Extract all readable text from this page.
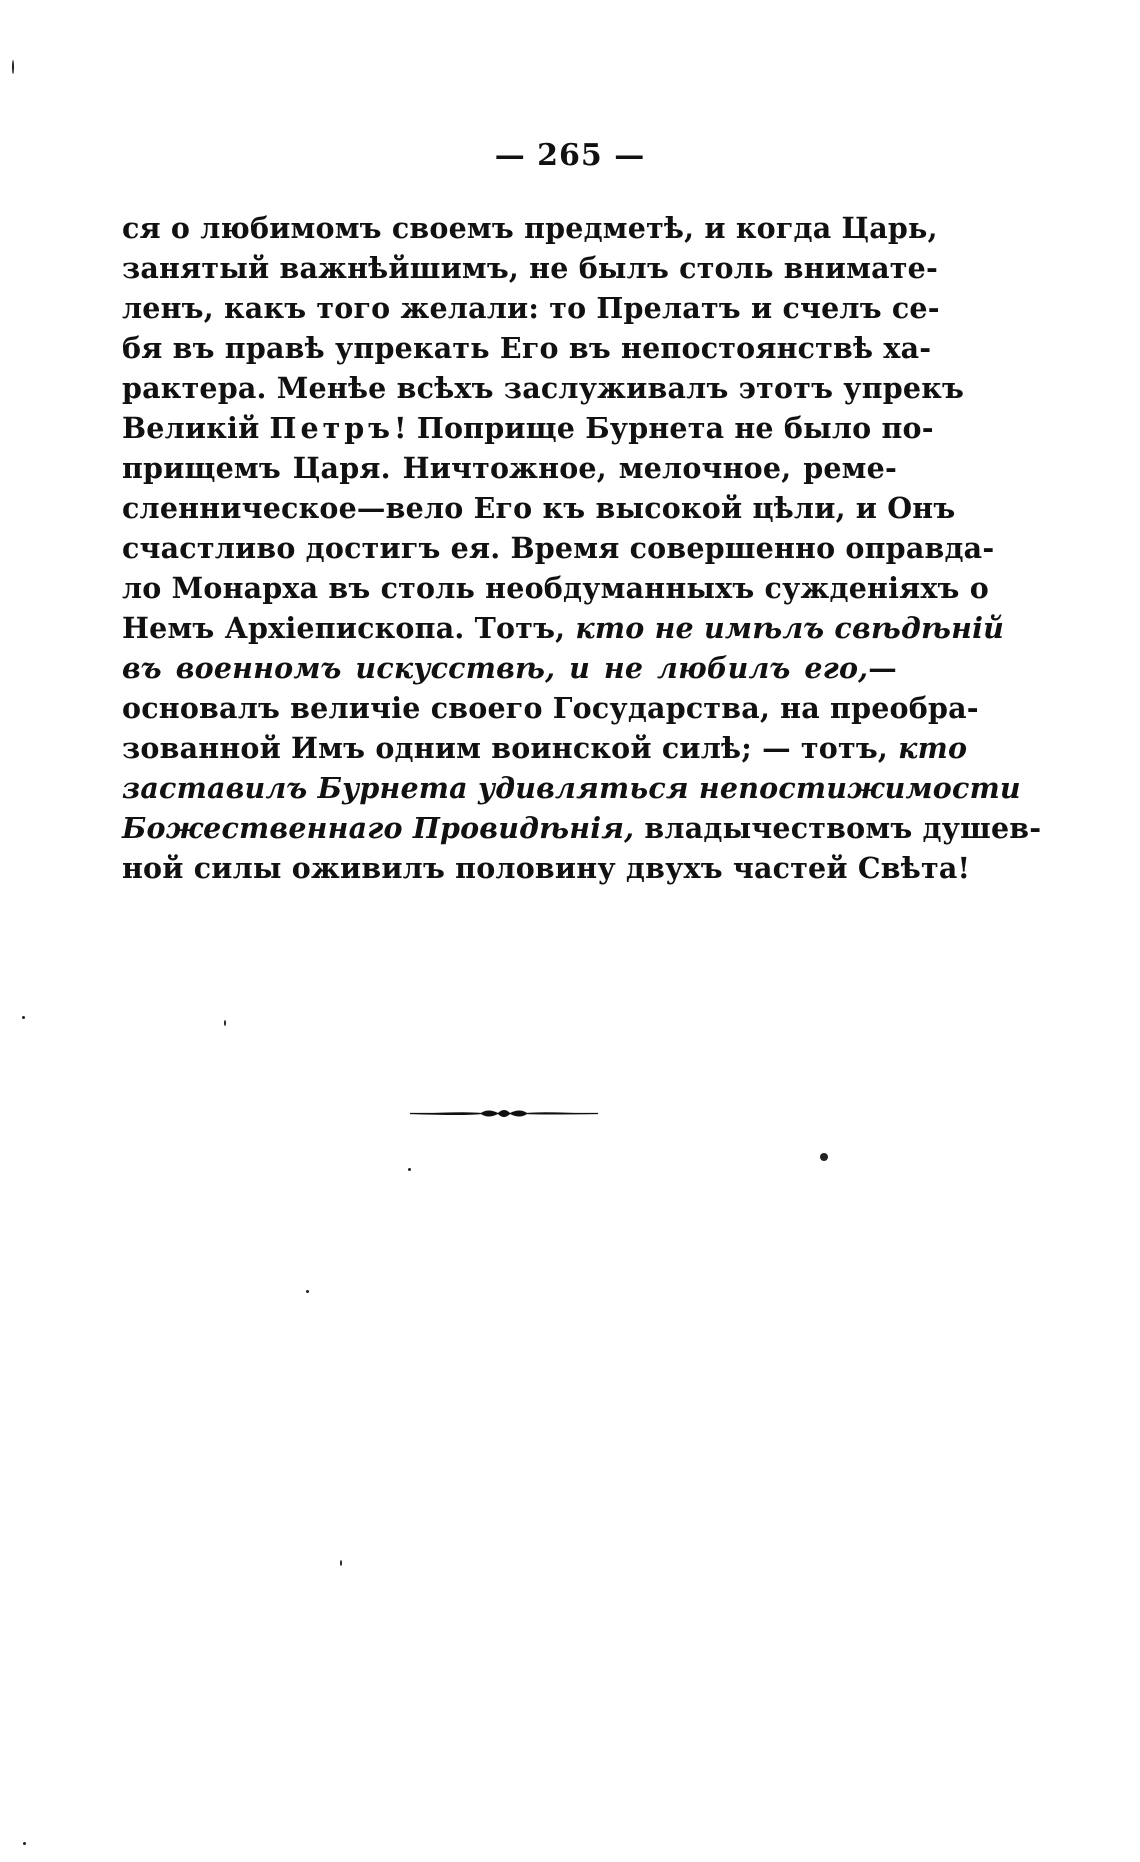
— 265 —
ся о любимомъ своемъ предметѣ, и когда Царь,
занятый важнѣйшимъ, не былъ столь внимате-
ленъ, какъ того желали: то Прелатъ и счелъ се-
бя въ правѣ упрекать Его въ непостоянствѣ ха-
рактера. Менѣе всѣхъ заслуживалъ этотъ упрекъ
Великій Петръ! Поприще Бурнета не было по-
прищемъ Царя. Ничтожное, мелочное, реме-
сленническое—вело Его къ высокой цѣли, и Онъ
счастливо достигъ ея. Время совершенно оправда-
ло Монарха въ столь необдуманныхъ сужденіяхъ о
Немъ Архіепископа. Тотъ, кто не имѣлъ свѣдѣній
въ военномъ искусствѣ, и не любилъ его,—
основалъ величіе своего Государства, на преобра-
зованной Имъ одним воинской силѣ; — тотъ, кто
заставилъ Бурнета удивляться непостижимости
Божественнаго Провидѣнія, владычествомъ душев-
ной силы оживилъ половину двухъ частей Свѣта!
